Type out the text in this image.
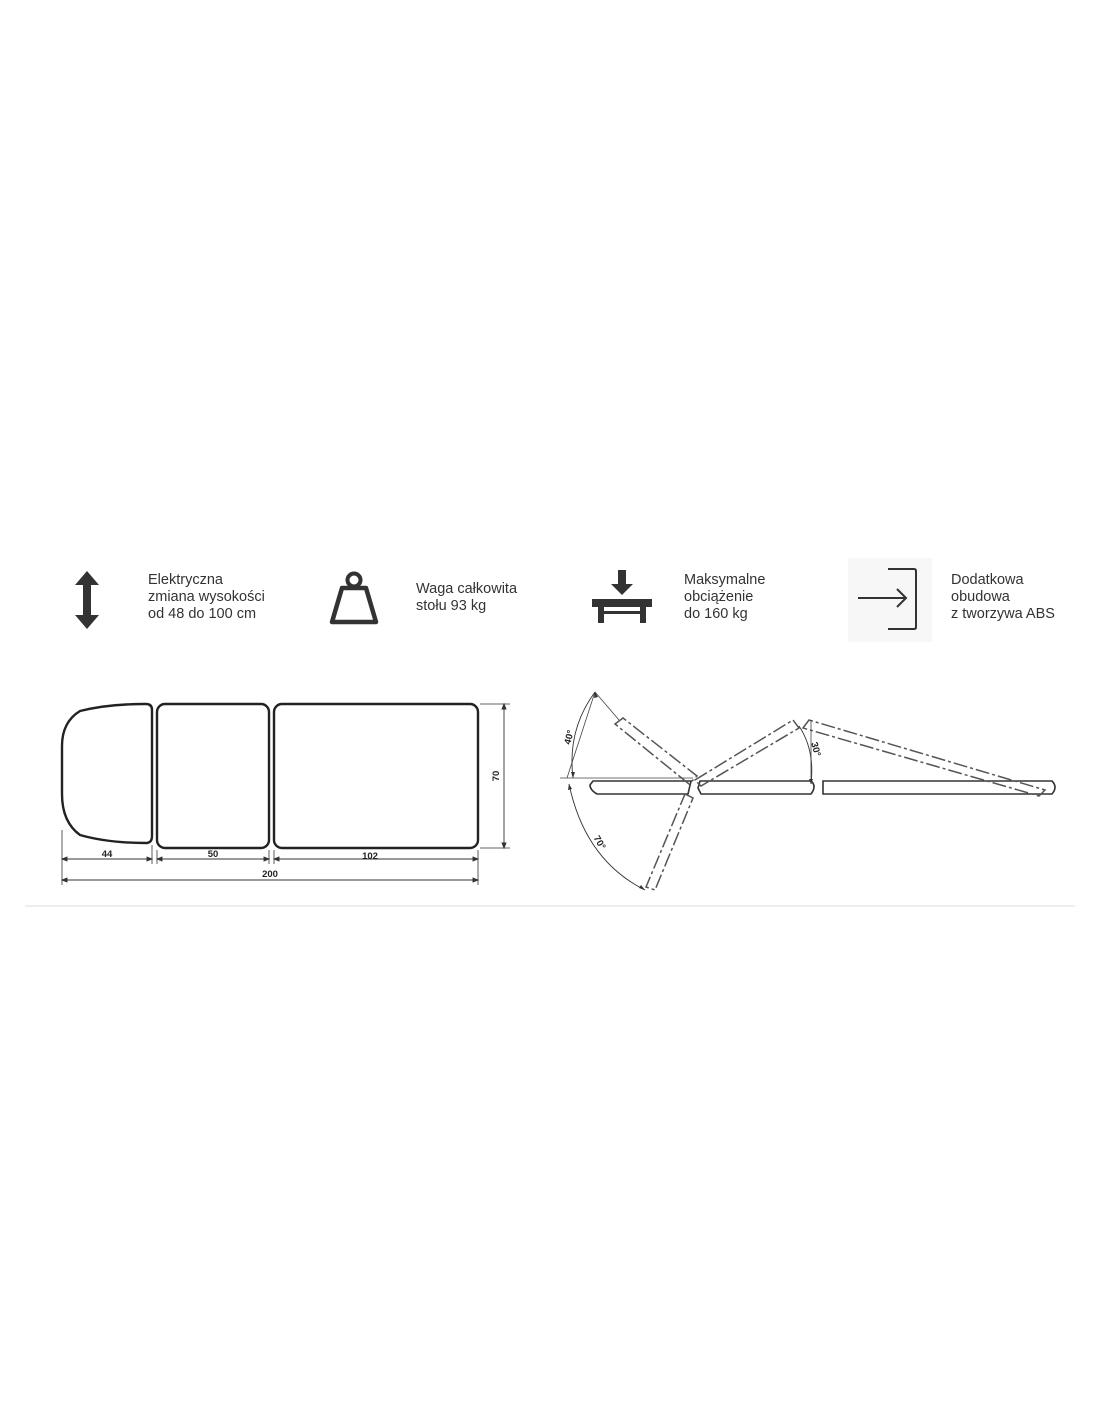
Elektryczna
zmiana wysokości
od 48 do 100 cm
Waga całkowita
stołu 93 kg
Maksymalne
obciążenie
do 160 kg
Dodatkowa
obudowa
z tworzywa ABS
44	50	102
200
70
40°
30°
70°
